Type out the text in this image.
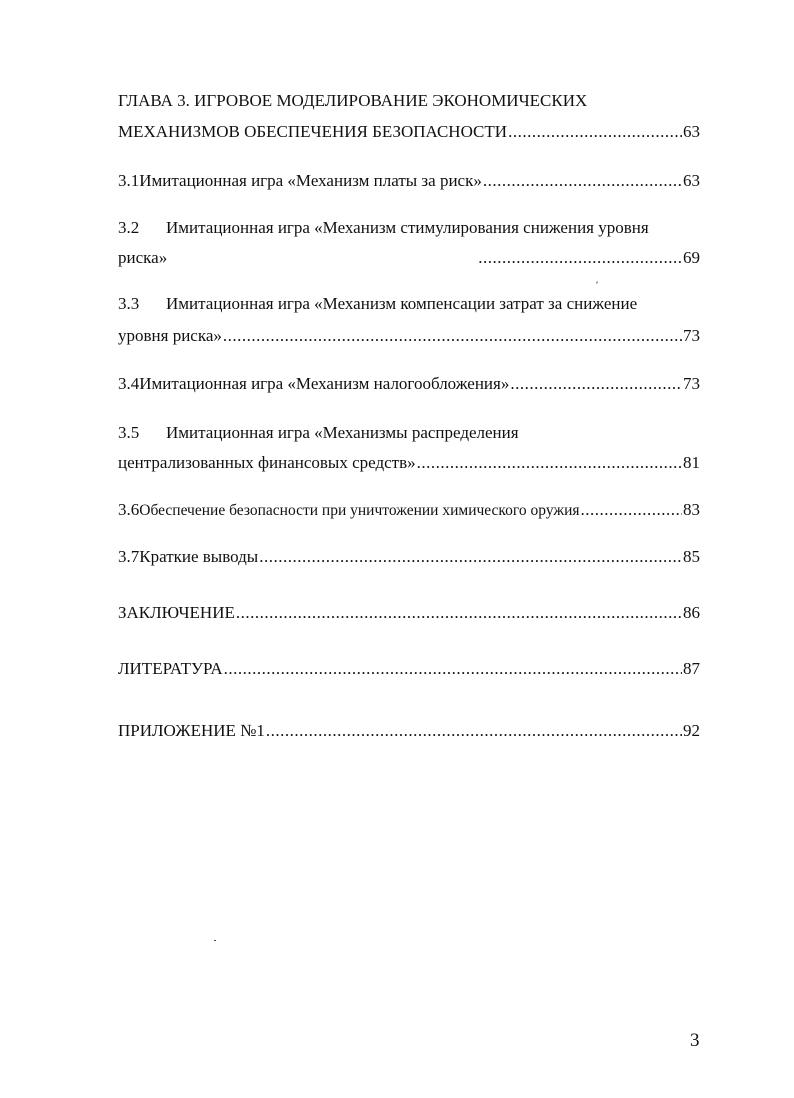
ГЛАВА 3. ИГРОВОЕ МОДЕЛИРОВАНИЕ ЭКОНОМИЧЕСКИХ
МЕХАНИЗМОВ ОБЕСПЕЧЕНИЯ БЕЗОПАСНОСТИ .....	63
3.1 Имитационная игра «Механизм платы за риск» .....	63
3.2	Имитационная игра «Механизм стимулирования снижения уровня
риска» .....	69
3.3	Имитационная игра «Механизм компенсации затрат за снижение
уровня риска» .....	73
3.4 Имитационная игра «Механизм налогообложения» .....	73
3.5	Имитационная игра «Механизмы распределения
централизованных финансовых средств» .....	81
3.6 Обеспечение безопасности при уничтожении химического оружия .....	83
3.7 Краткие выводы .....	85
ЗАКЛЮЧЕНИЕ .....	86
ЛИТЕРАТУРА .....	87
ПРИЛОЖЕНИЕ №1 .....	92
3
